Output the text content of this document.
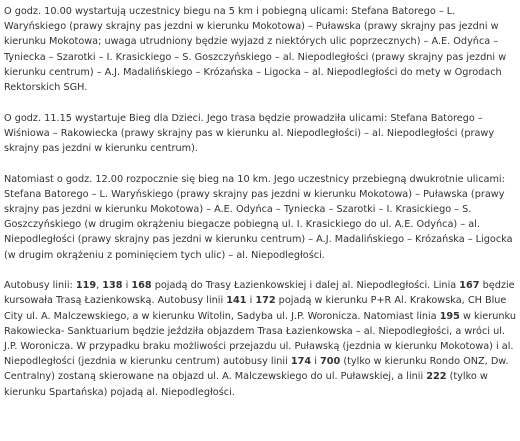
O godz. 10.00 wystartują uczestnicy biegu na 5 km i pobiegną ulicami: Stefana Batorego – L. Waryńskiego (prawy skrajny pas jezdni w kierunku Mokotowa) – Puławska (prawy skrajny pas jezdni w kierunku Mokotowa; uwaga utrudniony będzie wyjazd z niektórych ulic poprzecznych) – A.E. Odyńca – Tyniecka – Szarotki – I. Krasickiego – S. Goszczyńskiego – al. Niepodległości (prawy skrajny pas jezdni w kierunku centrum) – A.J. Madalińskiego – Krózańska – Ligocka – al. Niepodległości do mety w Ogrodach Rektorskich SGH.

O godz. 11.15 wystartuje Bieg dla Dzieci. Jego trasa będzie prowadziła ulicami: Stefana Batorego – Wiśniowa – Rakowiecka (prawy skrajny pas w kierunku al. Niepodległości) – al. Niepodległości (prawy skrajny pas jezdni w kierunku centrum).

Natomiast o godz. 12.00 rozpocznie się bieg na 10 km. Jego uczestnicy przebiegną dwukrotnie ulicami: Stefana Batorego – L. Waryńskiego (prawy skrajny pas jezdni w kierunku Mokotowa) – Puławska (prawy skrajny pas jezdni w kierunku Mokotowa) – A.E. Odyńca – Tyniecka – Szarotki – I. Krasickiego – S. Goszczyńskiego (w drugim okrążeniu biegacze pobiegną ul. I. Krasickiego do ul. A.E. Odyńca) – al. Niepodległości (prawy skrajny pas jezdni w kierunku centrum) – A.J. Madalińskiego – Krózańska – Ligocka (w drugim okrążeniu z pominięciem tych ulic) – al. Niepodległości.

Autobusy linii: 119, 138 i 168 pojadą do Trasy Łazienkowskiej i dalej al. Niepodległości. Linia 167 będzie kursowała Trasą Łazienkowską. Autobusy linii 141 i 172 pojadą w kierunku P+R Al. Krakowska, CH Blue City ul. A. Malczewskiego, a w kierunku Witolin, Sadyba ul. J.P. Woronicza. Natomiast linia 195 w kierunku Rakowiecka- Sanktuarium będzie jeździła objazdem Trasa Łazienkowska – al. Niepodległości, a wróci ul. J.P. Woronicza. W przypadku braku możliwości przejazdu ul. Puławską (jezdnia w kierunku Mokotowa) i al. Niepodległości (jezdnia w kierunku centrum) autobusy linii 174 i 700 (tylko w kierunku Rondo ONZ, Dw. Centralny) zostaną skierowane na objazd ul. A. Malczewskiego do ul. Puławskiej, a linii 222 (tylko w kierunku Spartańska) pojadą al. Niepodległości.
